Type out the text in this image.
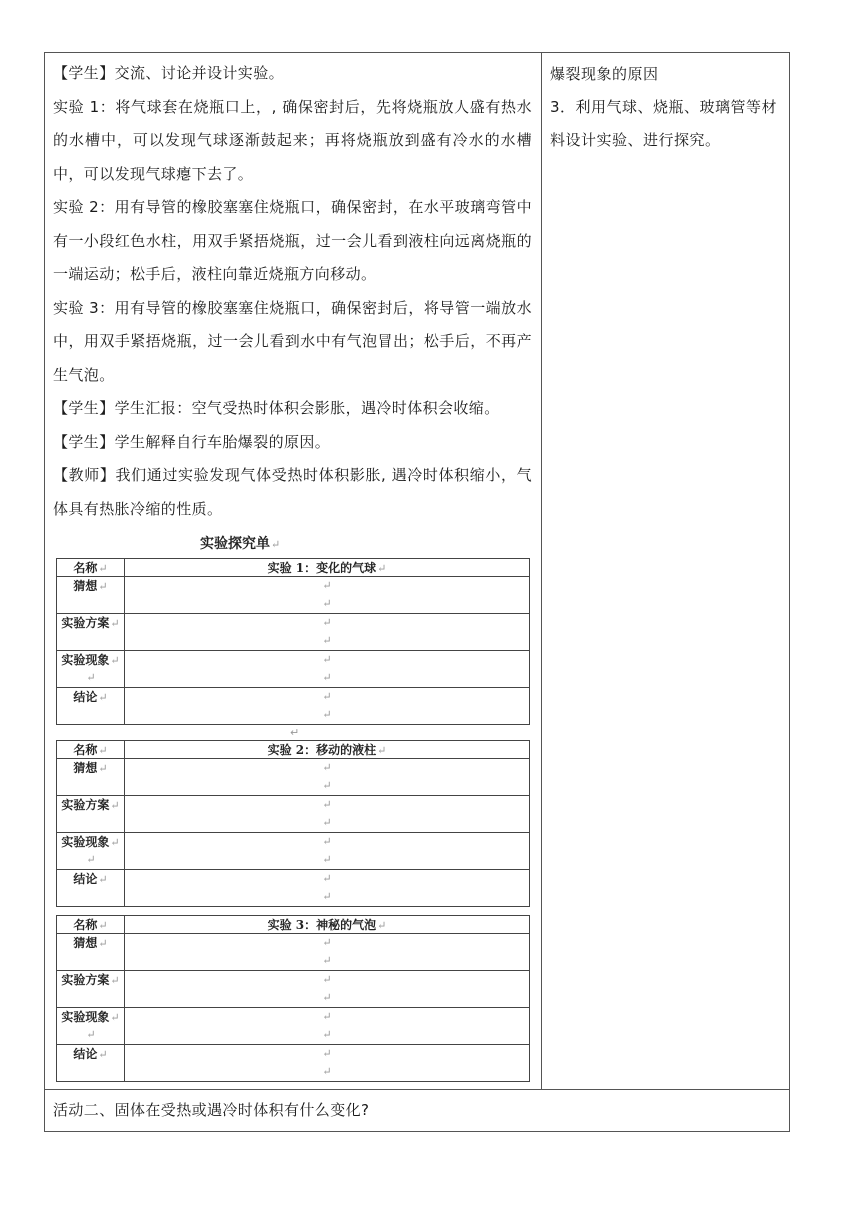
【学生】交流、讨论并设计实验。

实验 1：将气球套在烧瓶口上，, 确保密封后，先将烧瓶放人盛有热水的水槽中，可以发现气球逐渐鼓起来；再将烧瓶放到盛有冷水的水槽中，可以发现气球瘪下去了。

实验 2：用有导管的橡胶塞塞住烧瓶口，确保密封，在水平玻璃弯管中有一小段红色水柱，用双手紧捂烧瓶，过一会儿看到液柱向远离烧瓶的一端运动；松手后，液柱向靠近烧瓶方向移动。

实验 3：用有导管的橡胶塞塞住烧瓶口，确保密封后，将导管一端放水中，用双手紧捂烧瓶，过一会儿看到水中有气泡冒出；松手后，不再产生气泡。

【学生】学生汇报：空气受热时体积会影胀，遇冷时体积会收缩。

【学生】学生解释自行车胎爆裂的原因。

【教师】我们通过实验发现气体受热时体积影胀, 遇冷时体积缩小，气体具有热胀冷缩的性质。

爆裂现象的原因
3．利用气球、烧瓶、玻璃管等材料设计实验、进行探究。
活动二、固体在受热或遇冷时体积有什么变化?
实验探究单↵
名称↵	实验 1：变化的气球↵
猜想↵	↵
↵
实验方案↵	↵
↵
实验现象↵
↵	↵
↵
结论↵	↵
↵
↵
名称↵	实验 2：移动的液柱↵
猜想↵	↵
↵
实验方案↵	↵
↵
实验现象↵
↵	↵
↵
结论↵	↵
↵
名称↵	实验 3：神秘的气泡↵
猜想↵	↵
↵
实验方案↵	↵
↵
实验现象↵
↵	↵
↵
结论↵	↵
↵
